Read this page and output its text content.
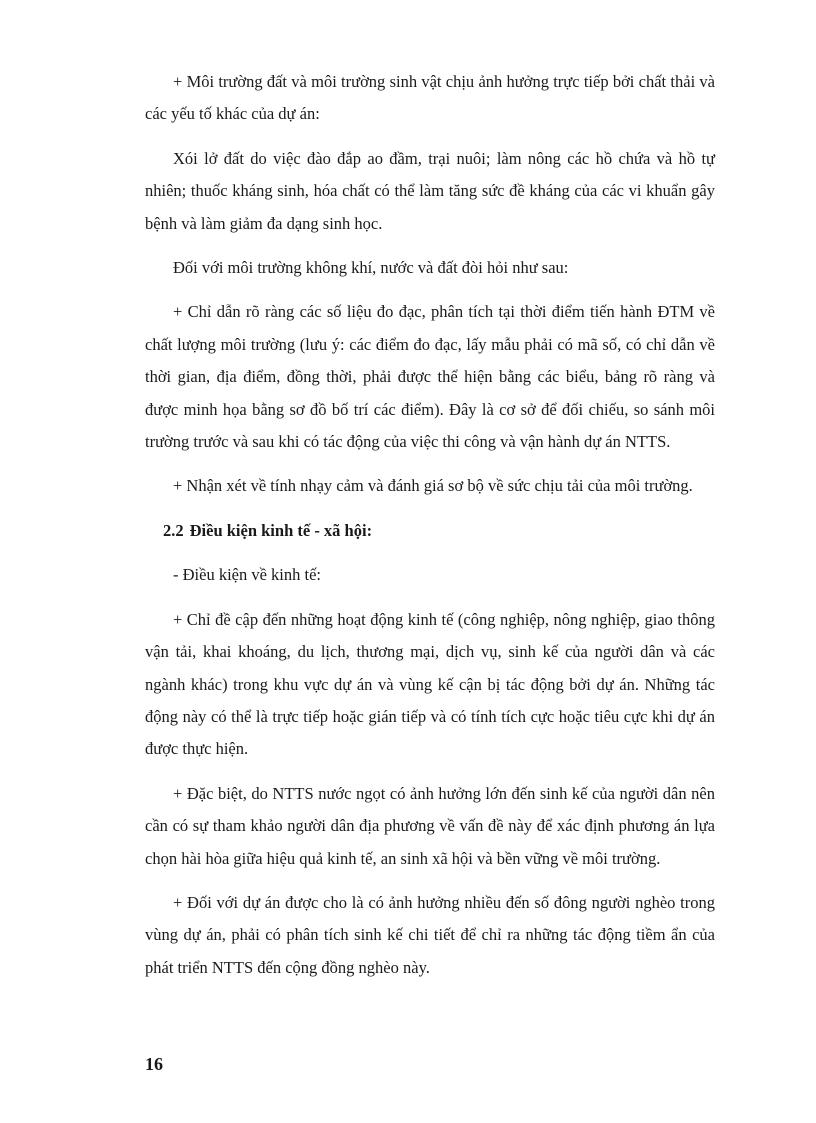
+ Môi trường đất và môi trường sinh vật chịu ảnh hưởng trực tiếp bởi chất thải và các yếu tố khác của dự án:

Xói lở đất do việc đào đắp ao đầm, trại nuôi; làm nông các hồ chứa và hồ tự nhiên; thuốc kháng sinh, hóa chất có thể làm tăng sức đề kháng của các vi khuẩn gây bệnh và làm giảm đa dạng sinh học.

Đối với môi trường không khí, nước và đất đòi hỏi như sau:

+ Chỉ dẫn rõ ràng các số liệu đo đạc, phân tích tại thời điểm tiến hành ĐTM về chất lượng môi trường (lưu ý: các điểm đo đạc, lấy mẫu phải có mã số, có chỉ dẫn về thời gian, địa điểm, đồng thời, phải được thể hiện bằng các biểu, bảng rõ ràng và được minh họa bằng sơ đồ bố trí các điểm). Đây là cơ sở để đối chiếu, so sánh môi trường trước và sau khi có tác động của việc thi công và vận hành dự án NTTS.

+ Nhận xét về tính nhạy cảm và đánh giá sơ bộ về sức chịu tải của môi trường.

2.2 Điều kiện kinh tế - xã hội:

- Điều kiện về kinh tế:

+ Chỉ đề cập đến những hoạt động kinh tế (công nghiệp, nông nghiệp, giao thông vận tải, khai khoáng, du lịch, thương mại, dịch vụ, sinh kế của người dân và các ngành khác) trong khu vực dự án và vùng kế cận bị tác động bởi dự án. Những tác động này có thể là trực tiếp hoặc gián tiếp và có tính tích cực hoặc tiêu cực khi dự án được thực hiện.

+ Đặc biệt, do NTTS nước ngọt có ảnh hưởng lớn đến sinh kế của người dân nên cần có sự tham khảo người dân địa phương về vấn đề này để xác định phương án lựa chọn hài hòa giữa hiệu quả kinh tế, an sinh xã hội và bền vững về môi trường.

+ Đối với dự án được cho là có ảnh hưởng nhiều đến số đông người nghèo trong vùng dự án, phải có phân tích sinh kế chi tiết để chỉ ra những tác động tiềm ẩn của phát triển NTTS đến cộng đồng nghèo này.

16
